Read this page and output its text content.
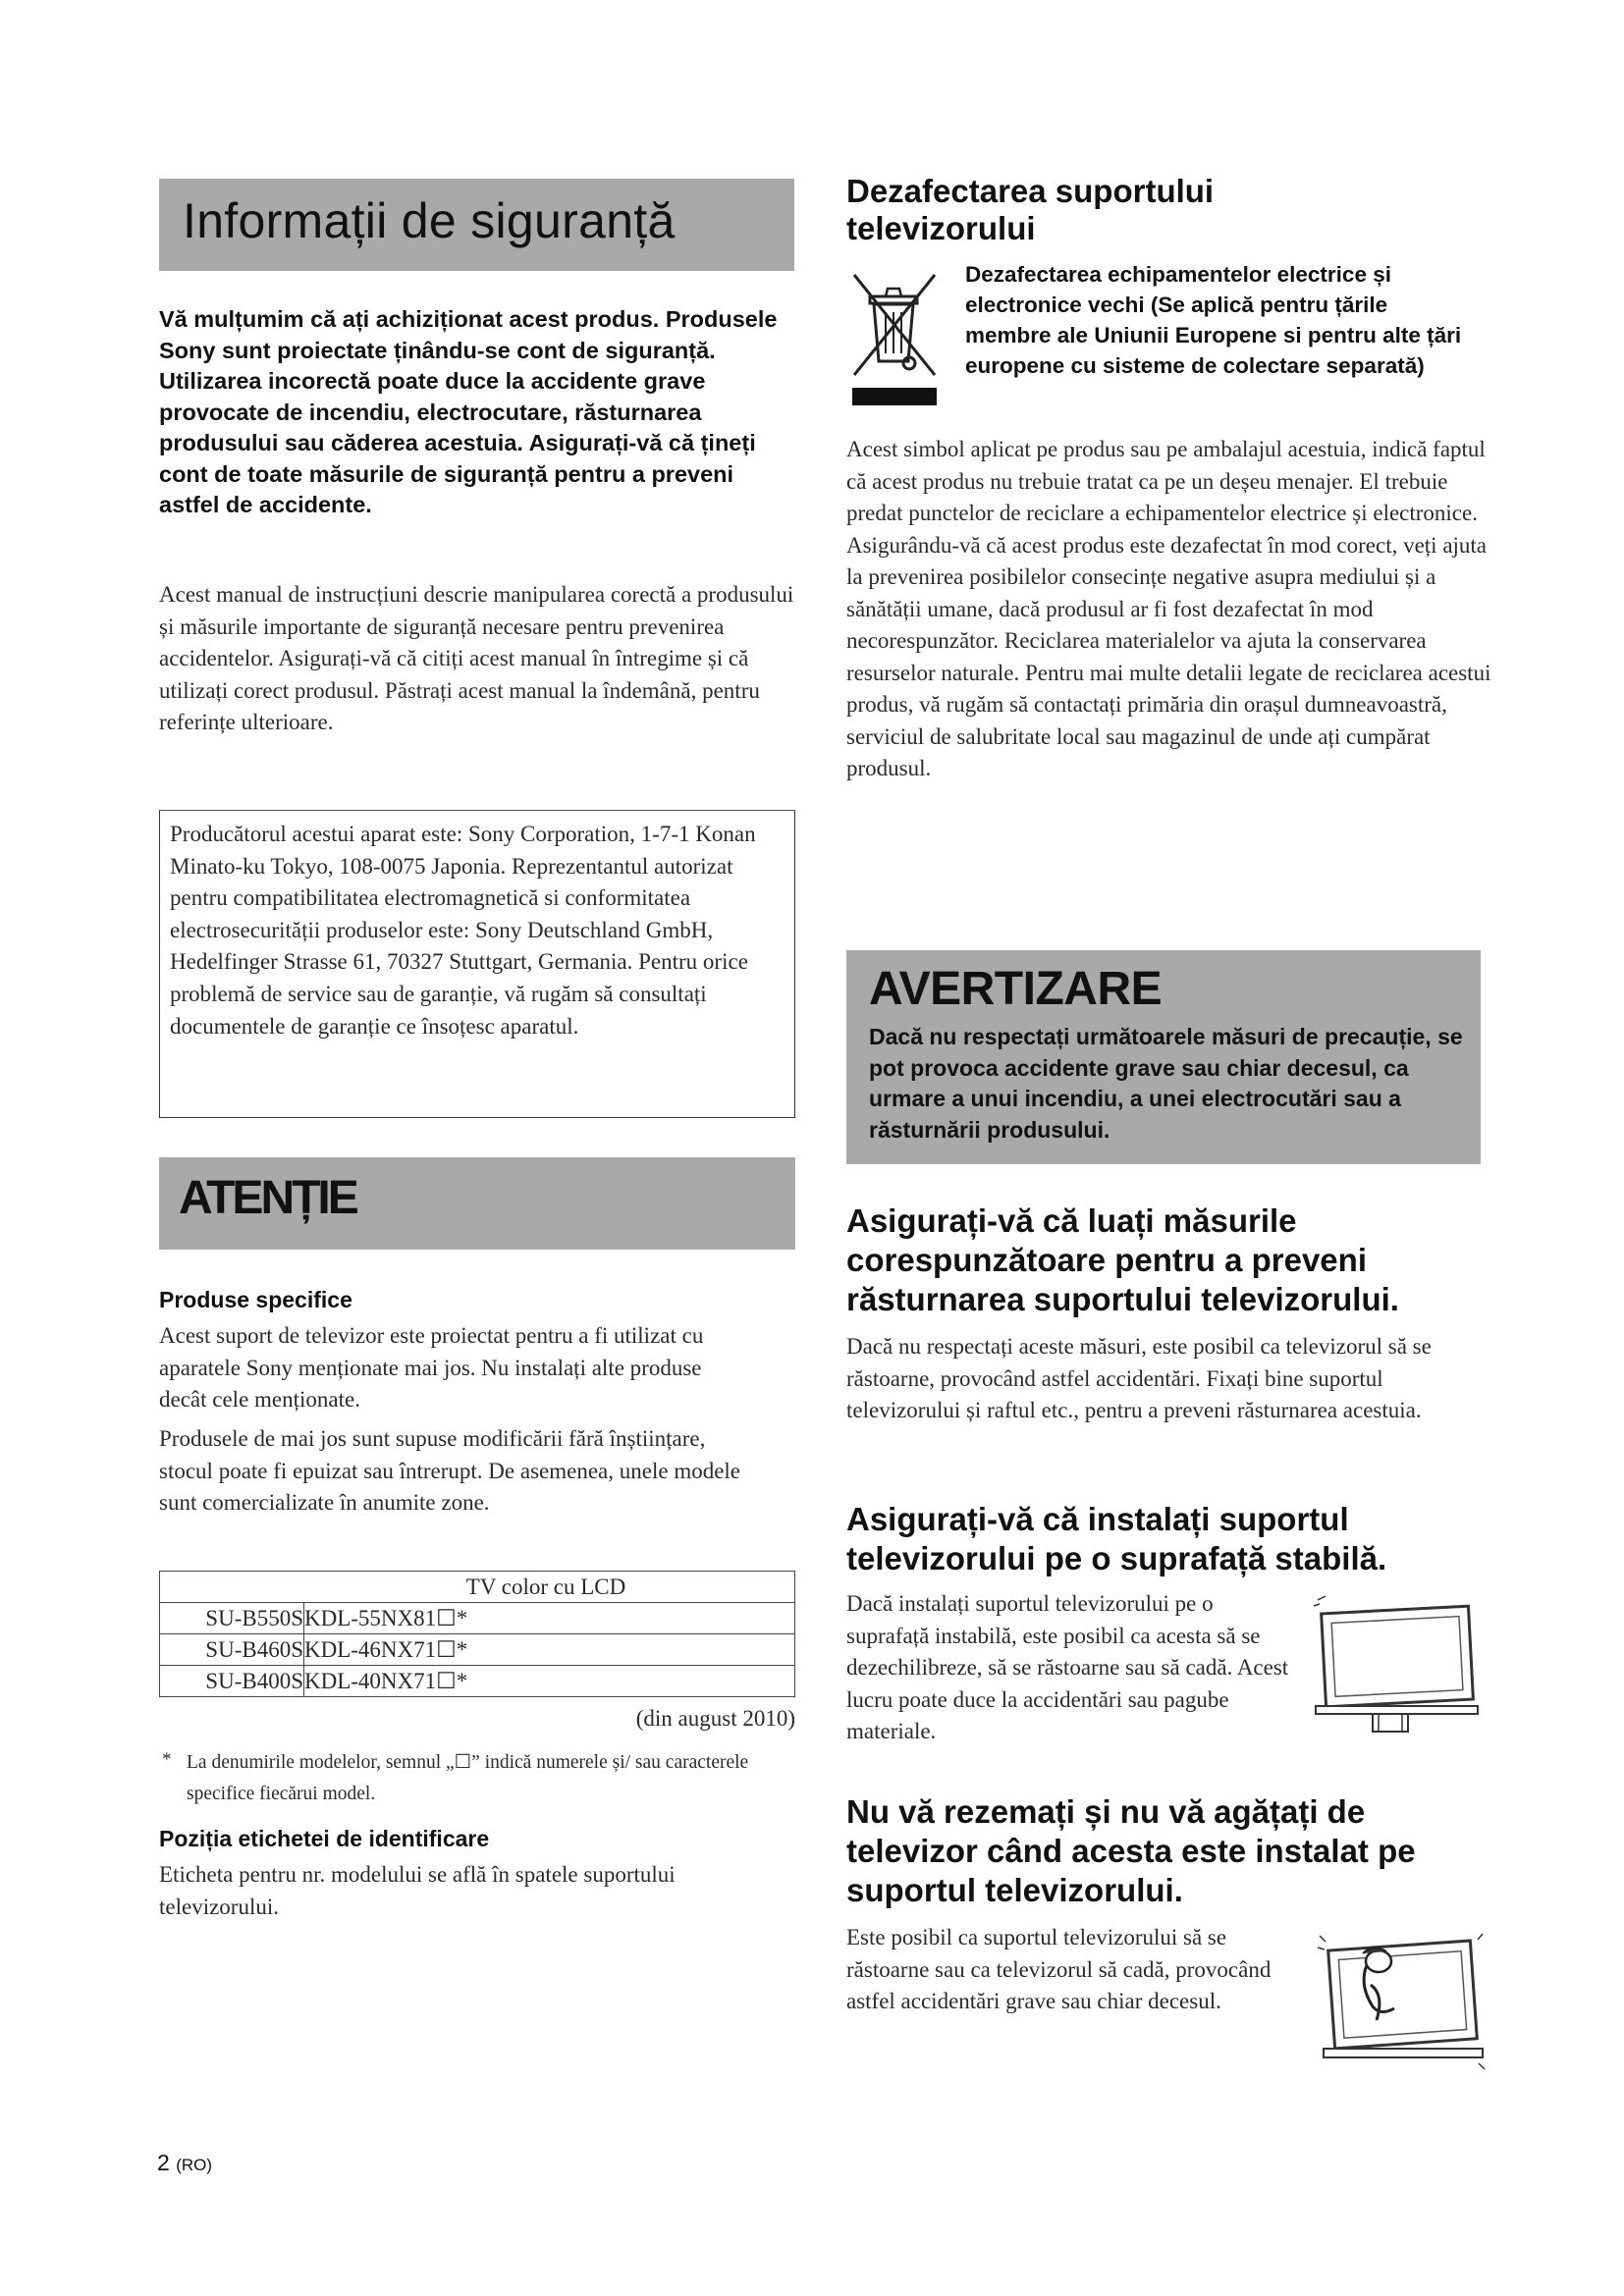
Informații de siguranță
Vă mulțumim că ați achiziționat acest produs. Produsele Sony sunt proiectate ținându-se cont de siguranță. Utilizarea incorectă poate duce la accidente grave provocate de incendiu, electrocutare, răsturnarea produsului sau căderea acestuia. Asigurați-vă că țineți cont de toate măsurile de siguranță pentru a preveni astfel de accidente.
Acest manual de instrucțiuni descrie manipularea corectă a produsului și măsurile importante de siguranță necesare pentru prevenirea accidentelor. Asigurați-vă că citiți acest manual în întregime și că utilizați corect produsul. Păstrați acest manual la îndemână, pentru referințe ulterioare.

Producătorul acestui aparat este: Sony Corporation, 1-7-1 Konan Minato-ku Tokyo, 108-0075 Japonia. Reprezentantul autorizat pentru compatibilitatea electromagnetică si conformitatea electrosecurității produselor este: Sony Deutschland GmbH, Hedelfinger Strasse 61, 70327 Stuttgart, Germania. Pentru orice problemă de service sau de garanție, vă rugăm să consultați documentele de garanție ce însoțesc aparatul.

ATENȚIE
Produse specifice
Acest suport de televizor este proiectat pentru a fi utilizat cu aparatele Sony menționate mai jos. Nu instalați alte produse decât cele menționate.
Produsele de mai jos sunt supuse modificării fără înștiințare, stocul poate fi epuizat sau întrerupt. De asemenea, unele modele sunt comercializate în anumite zone.
TV color cu LCD	
SU-B550S	KDL-55NX81☐*
SU-B460S	KDL-46NX71☐*
SU-B400S	KDL-40NX71☐*
(din august 2010)
* La denumirile modelelor, semnul „☐” indică numerele și/ sau caracterele specifice fiecărui model.
Poziția etichetei de identificare
Eticheta pentru nr. modelului se află în spatele suportului televizorului.
2 (RO)
Dezafectarea suportului televizorului
Dezafectarea echipamentelor electrice și electronice vechi (Se aplică pentru țările membre ale Uniunii Europene si pentru alte țări europene cu sisteme de colectare separată)
Acest simbol aplicat pe produs sau pe ambalajul acestuia, indică faptul că acest produs nu trebuie tratat ca pe un deșeu menajer. El trebuie predat punctelor de reciclare a echipamentelor electrice și electronice. Asigurându-vă că acest produs este dezafectat în mod corect, veți ajuta la prevenirea posibilelor consecințe negative asupra mediului și a sănătății umane, dacă produsul ar fi fost dezafectat în mod necorespunzător. Reciclarea materialelor va ajuta la conservarea resurselor naturale. Pentru mai multe detalii legate de reciclarea acestui produs, vă rugăm să contactați primăria din orașul dumneavoastră, serviciul de salubritate local sau magazinul de unde ați cumpărat produsul.
AVERTIZARE

Dacă nu respectați următoarele măsuri de precauție, se pot provoca accidente grave sau chiar decesul, ca urmare a unui incendiu, a unei electrocutări sau a răsturnării produsului.

Asigurați-vă că luați măsurile corespunzătoare pentru a preveni răsturnarea suportului televizorului.
Dacă nu respectați aceste măsuri, este posibil ca televizorul să se răstoarne, provocând astfel accidentări. Fixați bine suportul televizorului și raftul etc., pentru a preveni răsturnarea acestuia.
Asigurați-vă că instalați suportul televizorului pe o suprafață stabilă.
Dacă instalați suportul televizorului pe o suprafață instabilă, este posibil ca acesta să se dezechilibreze, să se răstoarne sau să cadă. Acest lucru poate duce la accidentări sau pagube materiale.
Nu vă rezemați și nu vă agățați de televizor când acesta este instalat pe suportul televizorului.
Este posibil ca suportul televizorului să se răstoarne sau ca televizorul să cadă, provocând astfel accidentări grave sau chiar decesul.
